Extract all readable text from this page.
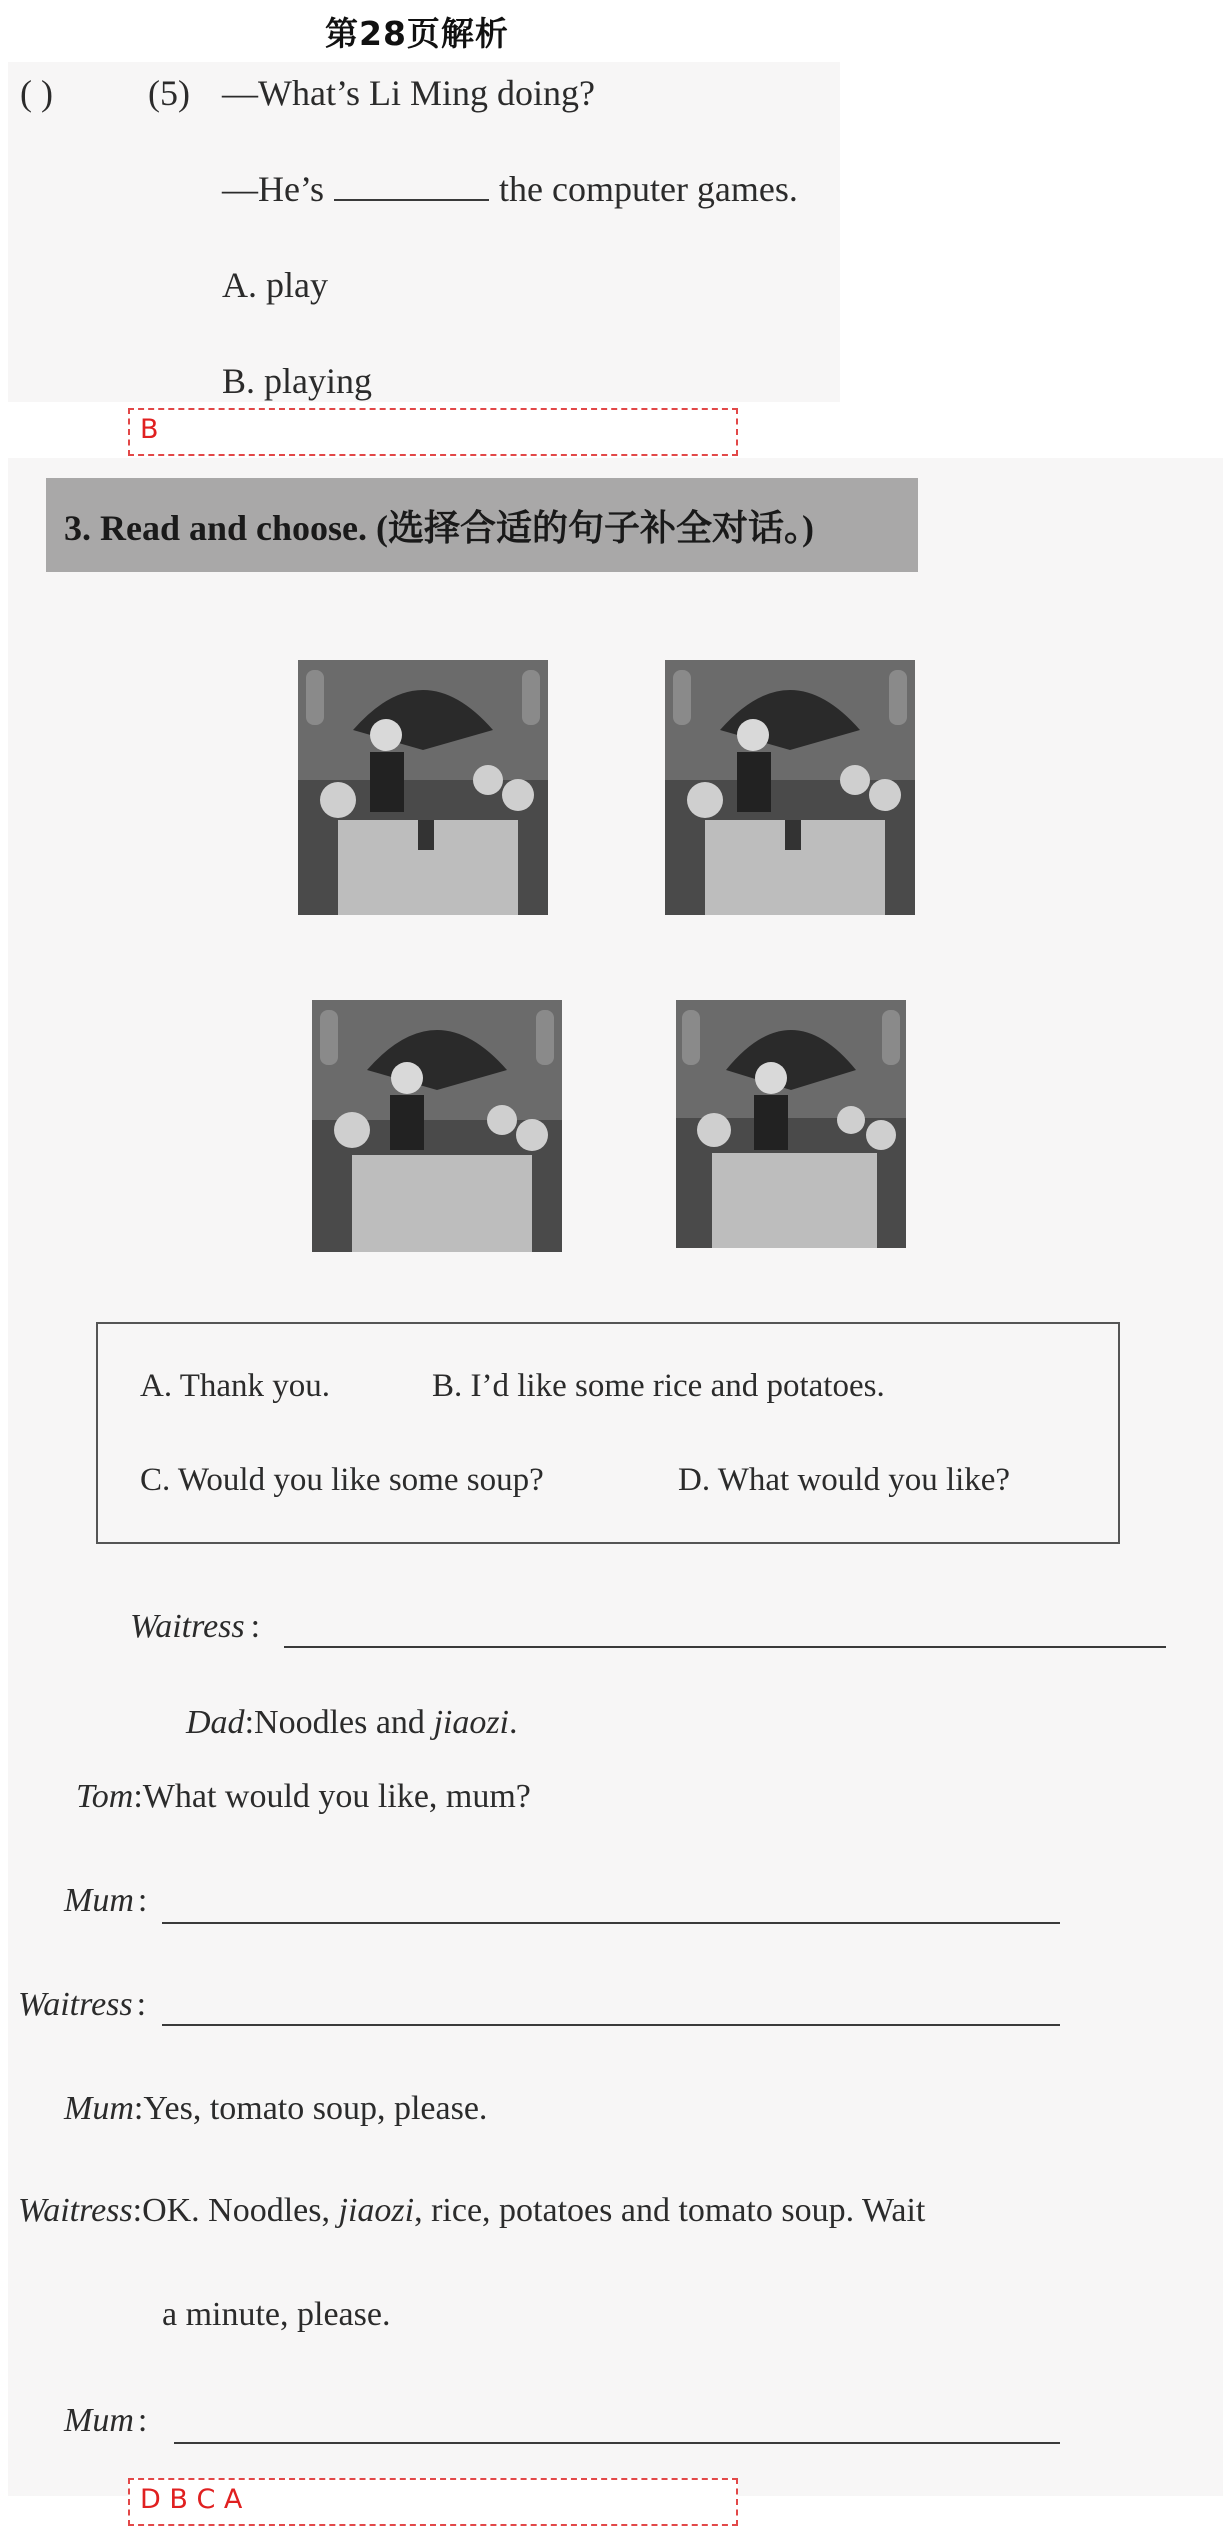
第28页解析
( )	(5) —What’s Li Ming doing?
—He’s	the computer games.
A. play
B. playing
B
3. Read and choose. (选择合适的句子补全对话。)
A. Thank you.	B. I’d like some rice and potatoes.
C. Would you like some soup?	D. What would you like?
Waitress :
Dad:Noodles and jiaozi.
Tom:What would you like, mum?
Mum :
Waitress :
Mum:Yes, tomato soup, please.
Waitress:OK. Noodles, jiaozi, rice, potatoes and tomato soup. Wait
a minute, please.
Mum :
D B C A
